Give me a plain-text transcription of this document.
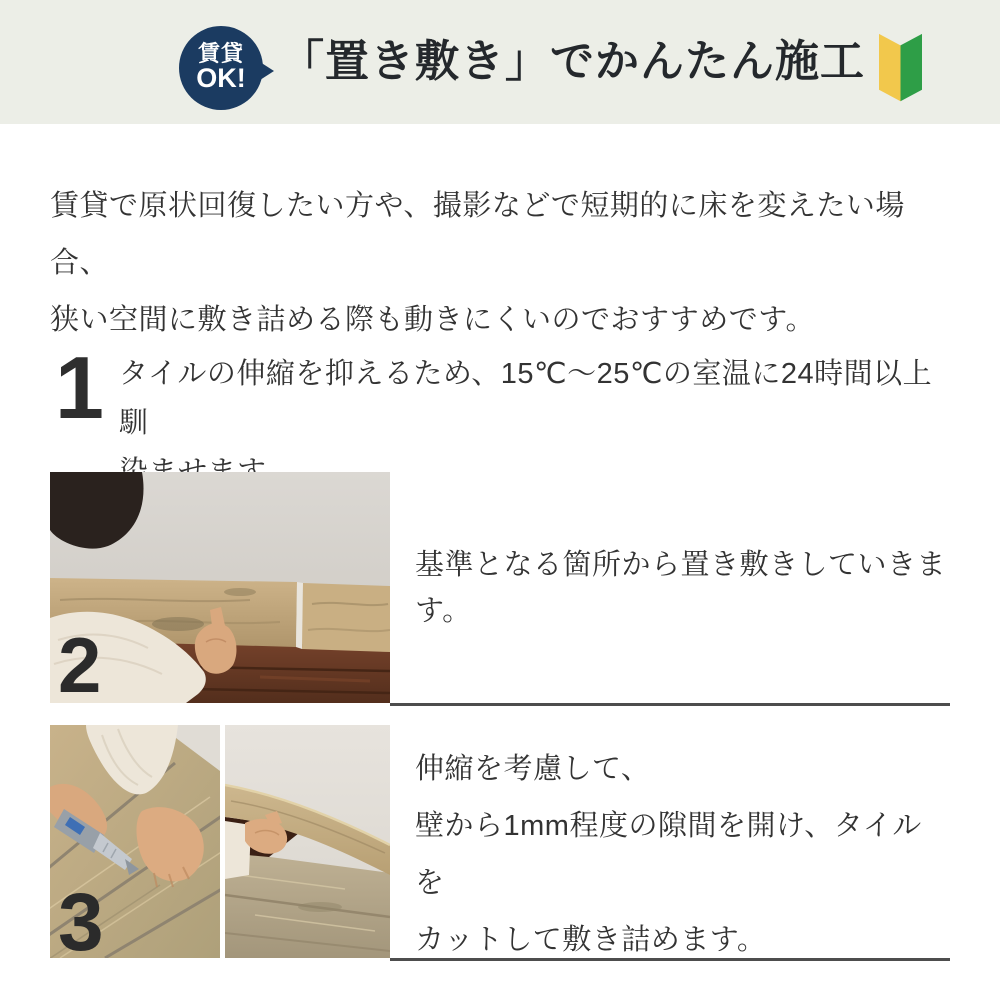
賃貸
OK! 「置き敷き」でかんたん施工

賃貸で原状回復したい方や、撮影などで短期的に床を変えたい場合、
狭い空間に敷き詰める際も動きにくいのでおすすめです。

1 タイルの伸縮を抑えるため、15℃〜25℃の室温に24時間以上馴

2
基準となる箇所から置き敷きしていきます。
3
伸縮を考慮して、
壁から1mm程度の隙間を開け、タイルを
カットして敷き詰めます。
